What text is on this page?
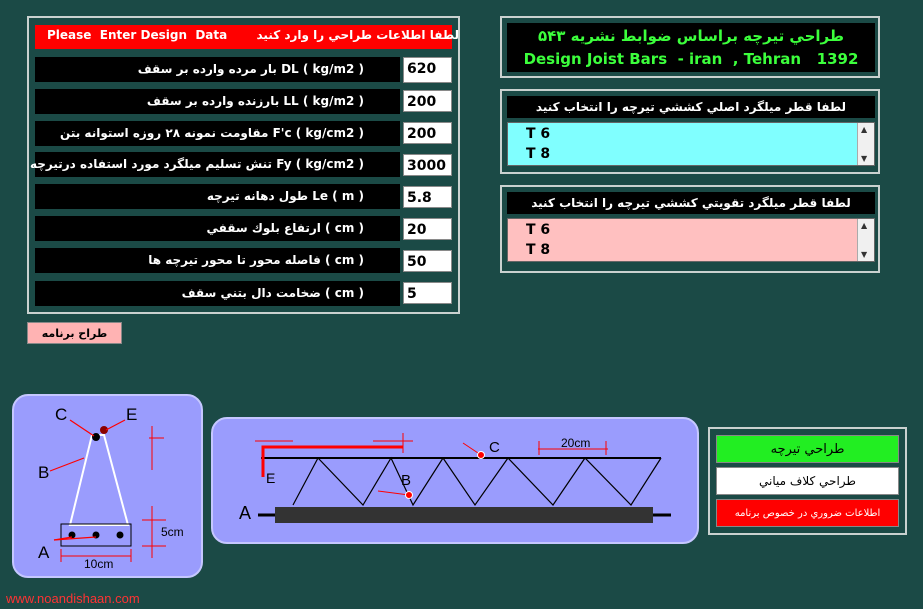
Please  Enter Design  Data       لطفا اطلاعات طراحي را وارد كنيد
DL ( kg/m2 ) بار مرده وارده بر سقف	620
LL ( kg/m2 ) بارزنده وارده بر سقف	200
F'c ( kg/cm2 ) مقاومت نمونه ۲۸ روزه استوانه بتن	200
Fy ( kg/cm2 ) تنش تسليم ميلگرد مورد استفاده درتيرچه	3000
Le ( m ) طول دهانه تيرچه	5.8
( cm ) ارتفاع بلوك سقفي	20
( cm ) فاصله محور تا محور تيرچه ها	50
( cm ) ضخامت دال بتني سقف	5
طراح برنامه
طراحي تيرچه براساس ضوابط نشريه ۵۴۳
Design Joist Bars  - iran  , Tehran   1392
لطفا قطر ميلگرد اصلي كششي تيرچه را انتخاب كنيد
T 6
T 8
▲
▼
لطفا قطر ميلگرد تقويتي كششي تيرچه را انتخاب كنيد
T 6
T 8
▲
▼
C	E
B
A
5cm
10cm
C
E	B
A
20cm	طراحي تيرچه
طراحي كلاف مياني
اطلاعات ضروري در خصوص برنامه
www.noandishaan.com
